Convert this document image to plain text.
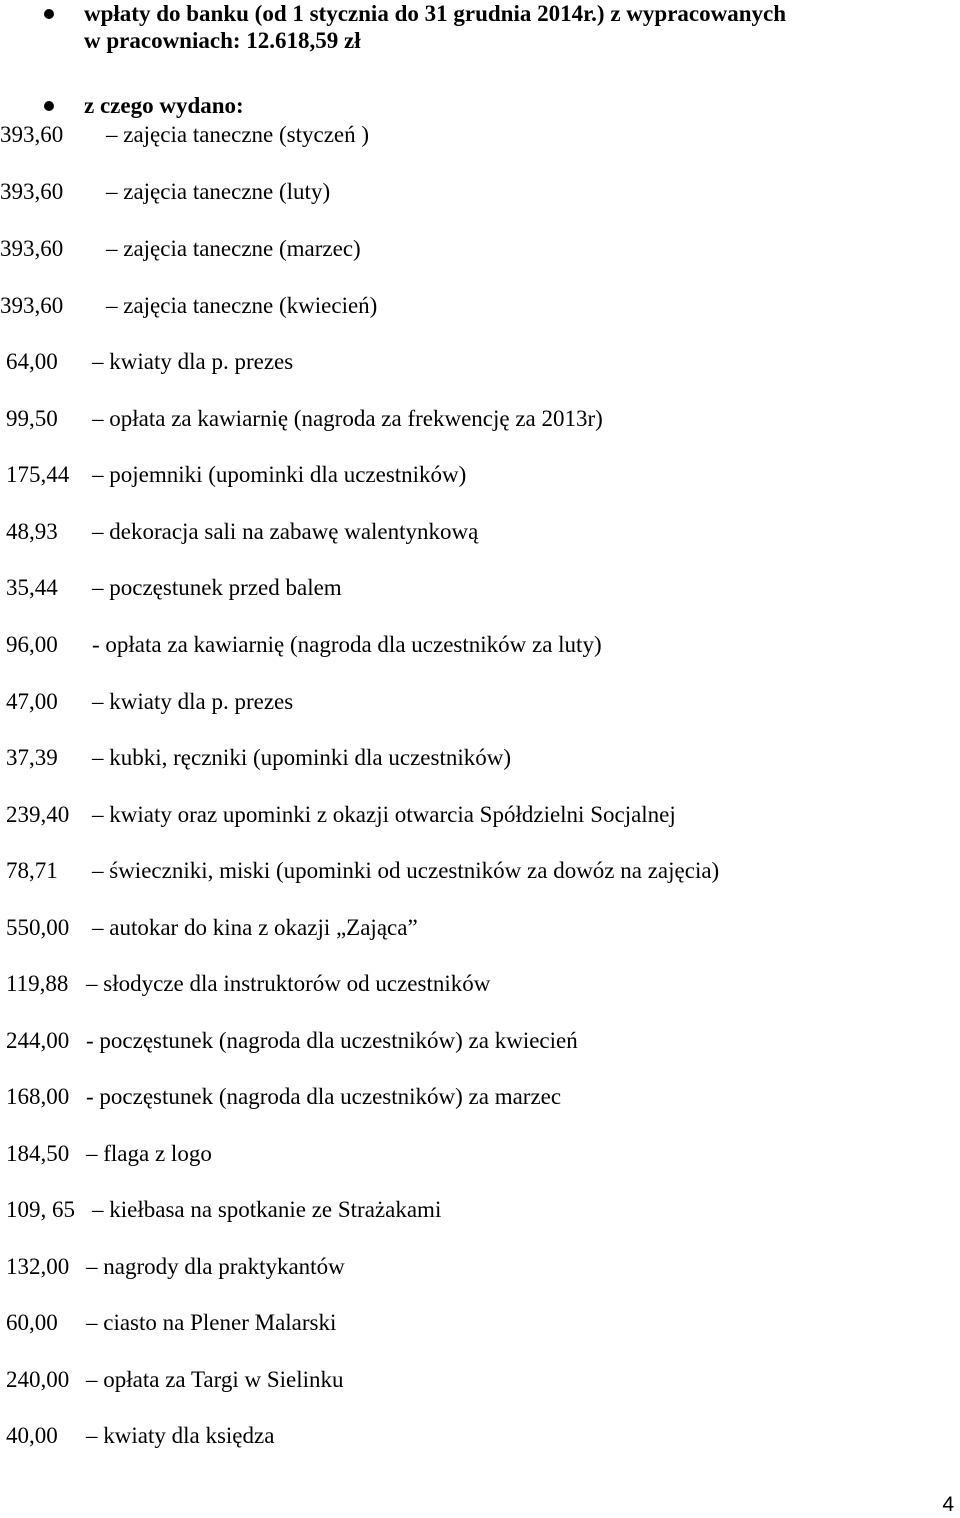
wpłaty do banku (od 1 stycznia do 31 grudnia 2014r.) z wypracowanych
w pracowniach: 12.618,59 zł
z czego wydano:
393,60 – zajęcia taneczne (styczeń )
393,60 – zajęcia taneczne (luty)
393,60 – zajęcia taneczne (marzec)
393,60 – zajęcia taneczne (kwiecień)
64,00 – kwiaty dla p. prezes
99,50 – opłata za kawiarnię (nagroda za frekwencję za 2013r)
175,44 – pojemniki (upominki dla uczestników)
48,93 – dekoracja sali na zabawę walentynkową
35,44 – poczęstunek przed balem
96,00 - opłata za kawiarnię (nagroda dla uczestników za luty)
47,00 – kwiaty dla p. prezes
37,39 – kubki, ręczniki (upominki dla uczestników)
239,40 – kwiaty oraz upominki z okazji otwarcia Spółdzielni Socjalnej
78,71 – świeczniki, miski (upominki od uczestników za dowóz na zajęcia)
550,00 – autokar do kina z okazji „Zająca”
119,88 – słodycze dla instruktorów od uczestników
244,00 - poczęstunek (nagroda dla uczestników) za kwiecień
168,00 - poczęstunek (nagroda dla uczestników) za marzec
184,50 – flaga z logo
109, 65 – kiełbasa na spotkanie ze Strażakami
132,00 – nagrody dla praktykantów
60,00 – ciasto na Plener Malarski
240,00 – opłata za Targi w Sielinku
40,00 – kwiaty dla księdza
4
